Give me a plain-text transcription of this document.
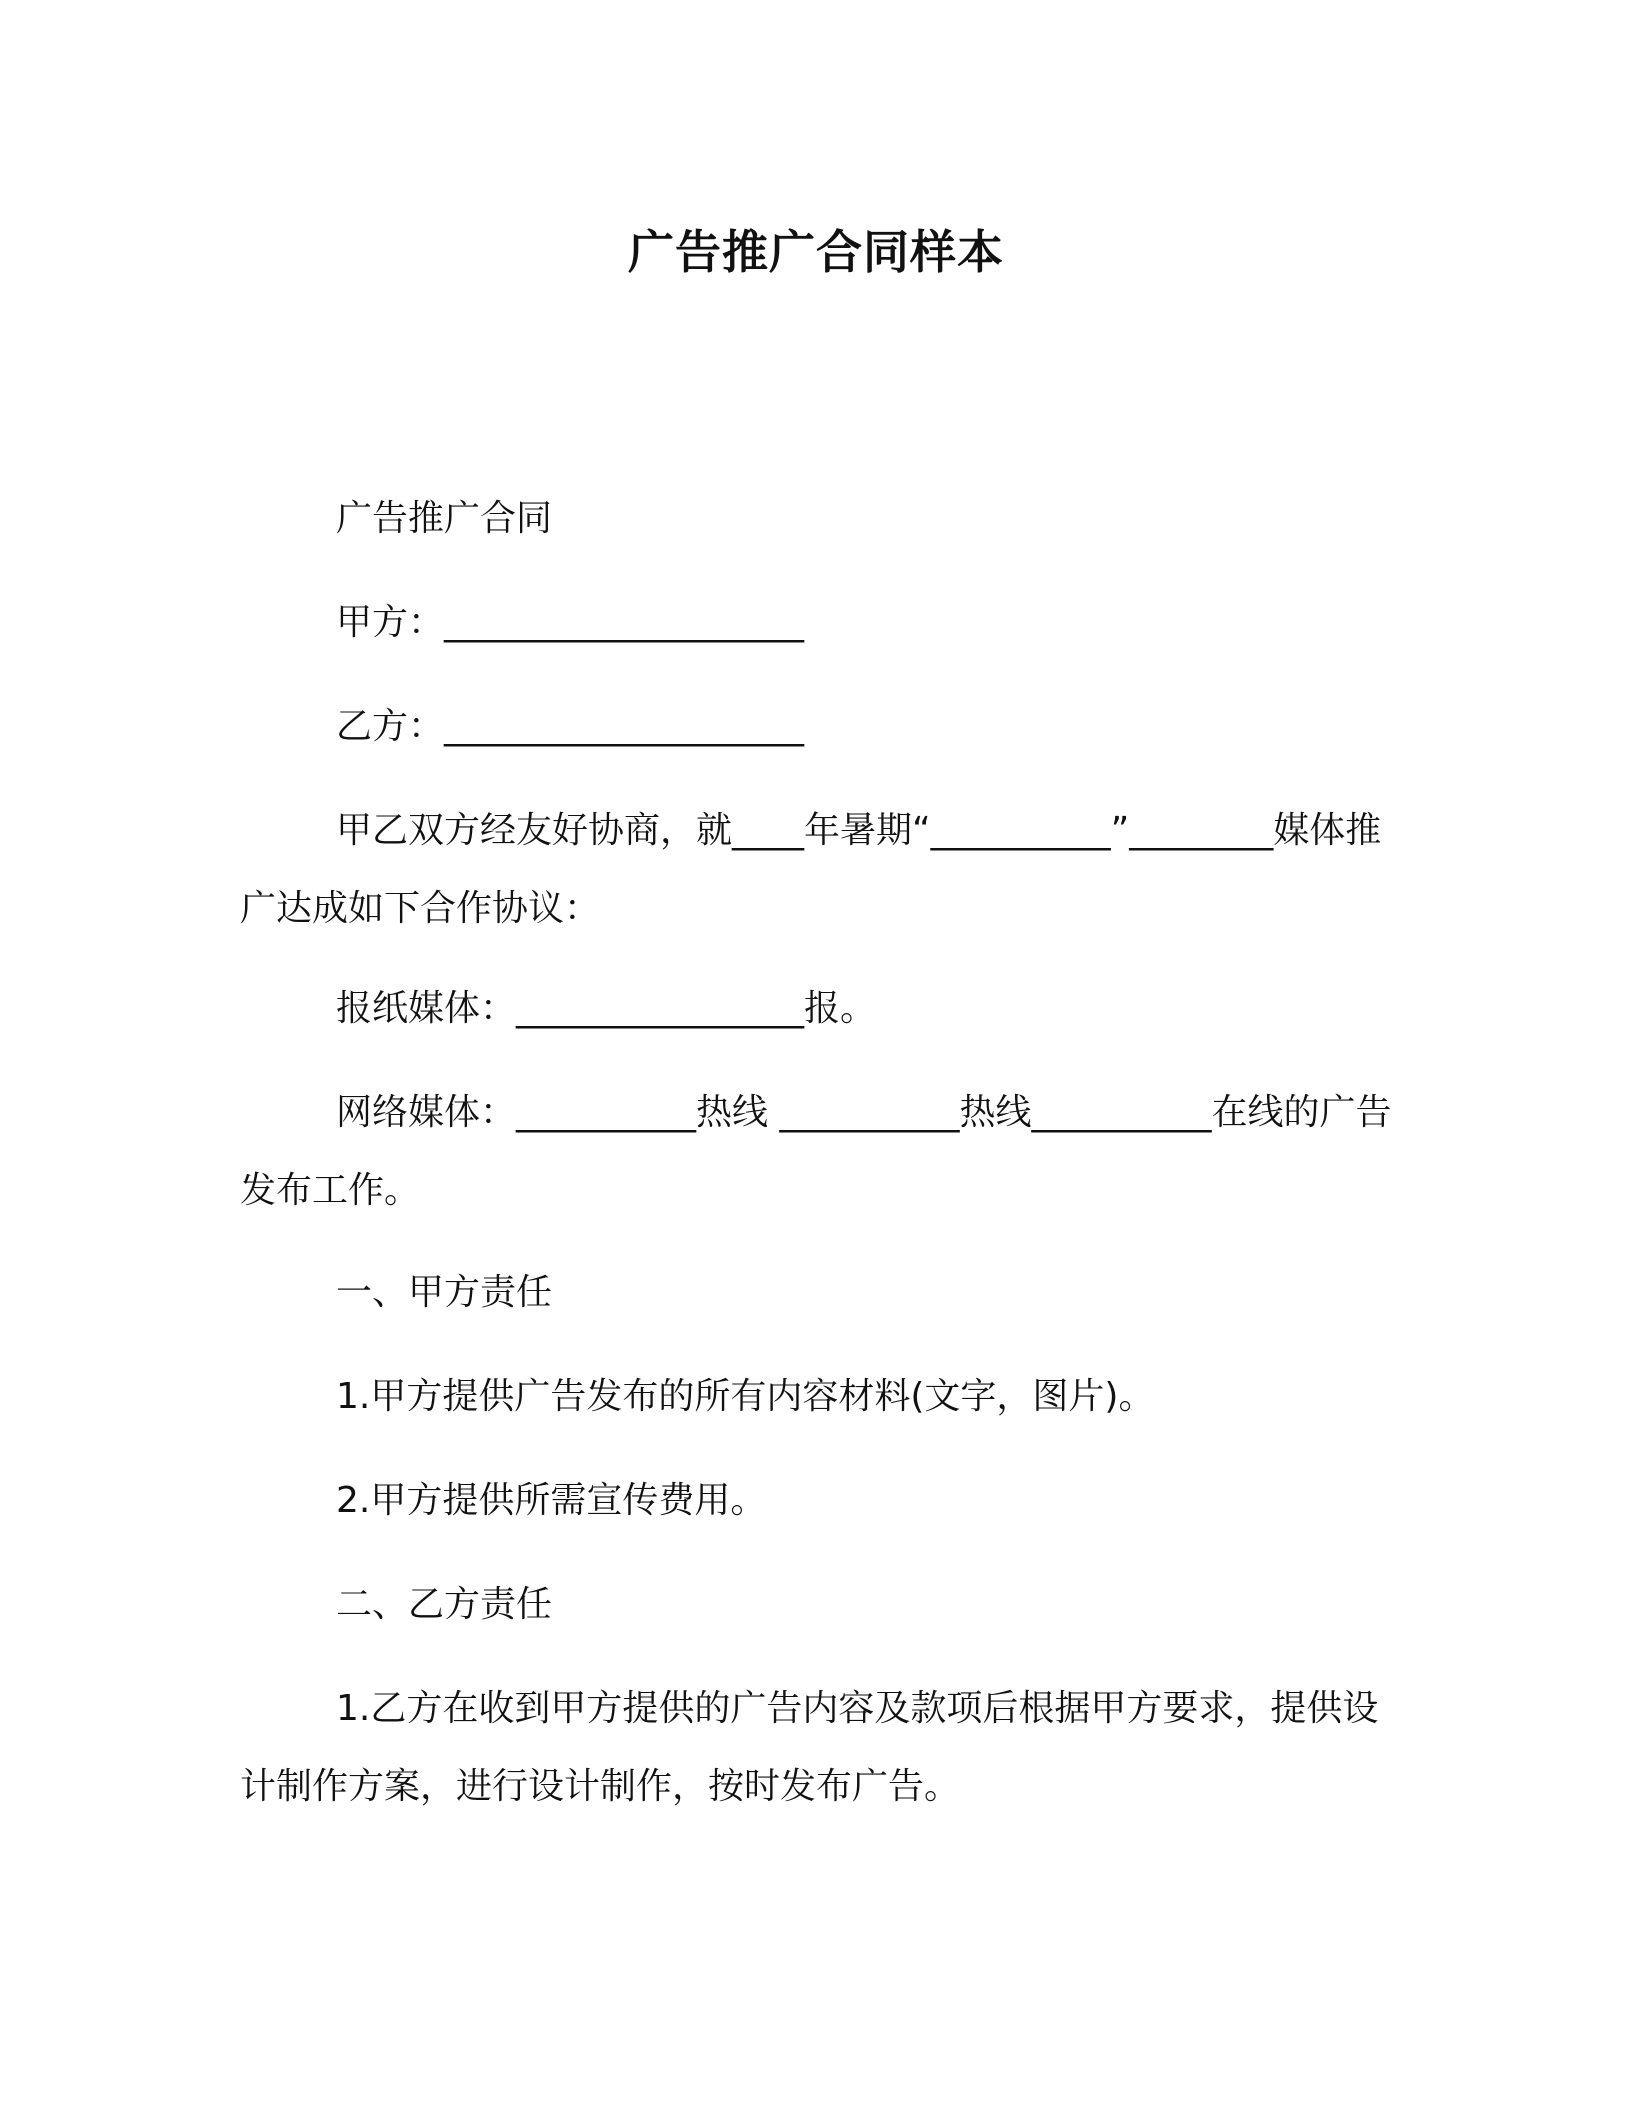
广告推广合同样本

广告推广合同

甲方：____________________

乙方：____________________

甲乙双方经友好协商，就____年暑期“__________”________媒体推广达成如下合作协议：

报纸媒体：________________报。

网络媒体：__________热线 __________热线__________在线的广告发布工作。

一、甲方责任

1.甲方提供广告发布的所有内容材料(文字，图片)。

2.甲方提供所需宣传费用。

二、乙方责任

1.乙方在收到甲方提供的广告内容及款项后根据甲方要求，提供设计制作方案，进行设计制作，按时发布广告。
